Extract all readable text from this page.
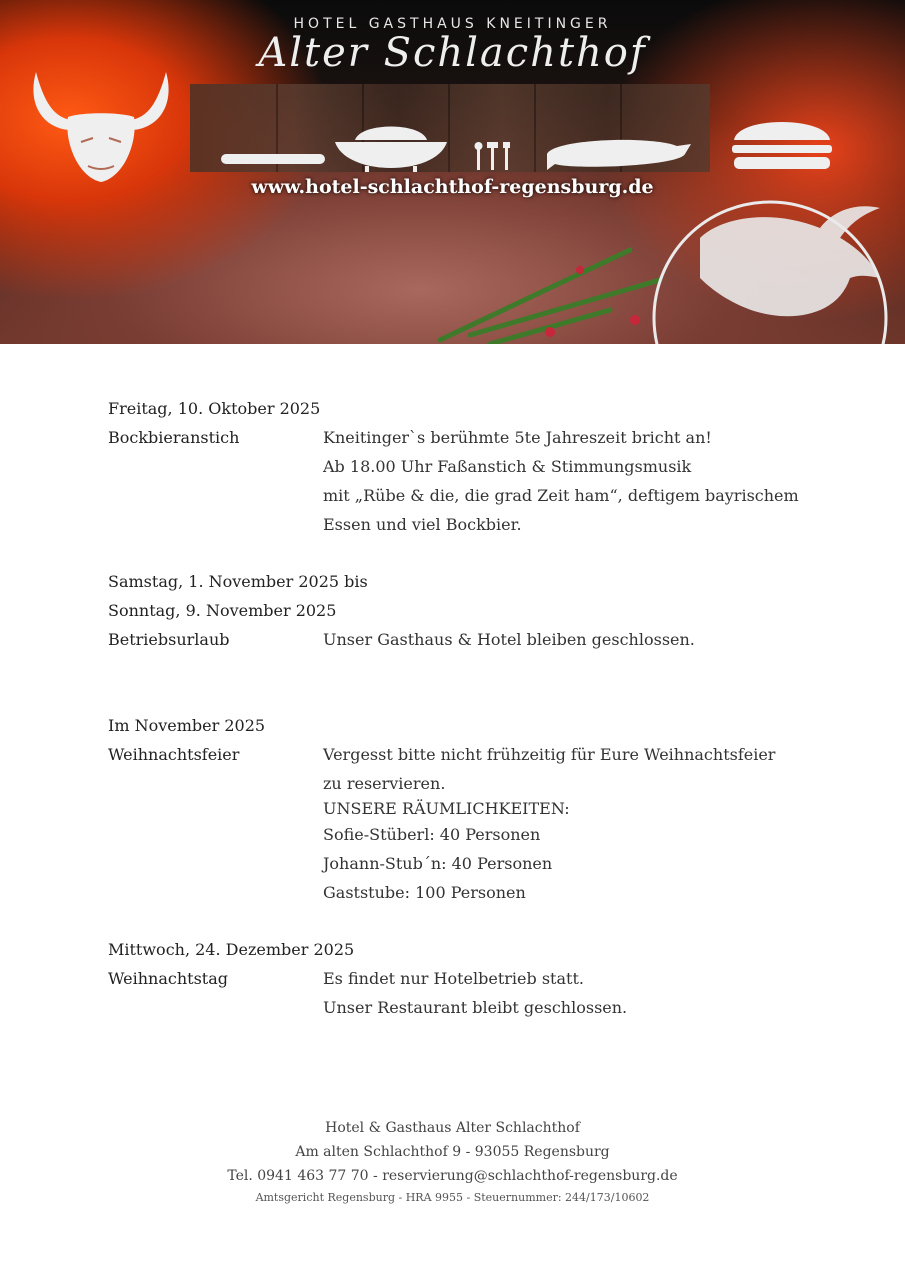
HOTEL GASTHAUS KNEITINGER
Alter Schlachthof
www.hotel-schlachthof-regensburg.de
Freitag, 10. Oktober 2025
Bockbieranstich	Kneitinger`s berühmte 5te Jahreszeit bricht an!
Ab 18.00 Uhr Faßanstich & Stimmungsmusik
mit „Rübe & die, die grad Zeit ham“, deftigem bayrischem
Essen und viel Bockbier.
Samstag, 1. November 2025 bis
Sonntag, 9. November 2025
Betriebsurlaub	Unser Gasthaus & Hotel bleiben geschlossen.
Im November 2025
Weihnachtsfeier	Vergesst bitte nicht frühzeitig für Eure Weihnachtsfeier
zu reservieren.
UNSERE RÄUMLICHKEITEN:
Sofie-Stüberl: 40 Personen
Johann-Stub´n: 40 Personen
Gaststube: 100 Personen
Mittwoch, 24. Dezember 2025
Weihnachtstag	Es findet nur Hotelbetrieb statt.
Unser Restaurant bleibt geschlossen.
Hotel & Gasthaus Alter Schlachthof
Am alten Schlachthof 9 - 93055 Regensburg
Tel. 0941 463 77 70 - reservierung@schlachthof-regensburg.de
Amtsgericht Regensburg - HRA 9955 - Steuernummer: 244/173/10602
